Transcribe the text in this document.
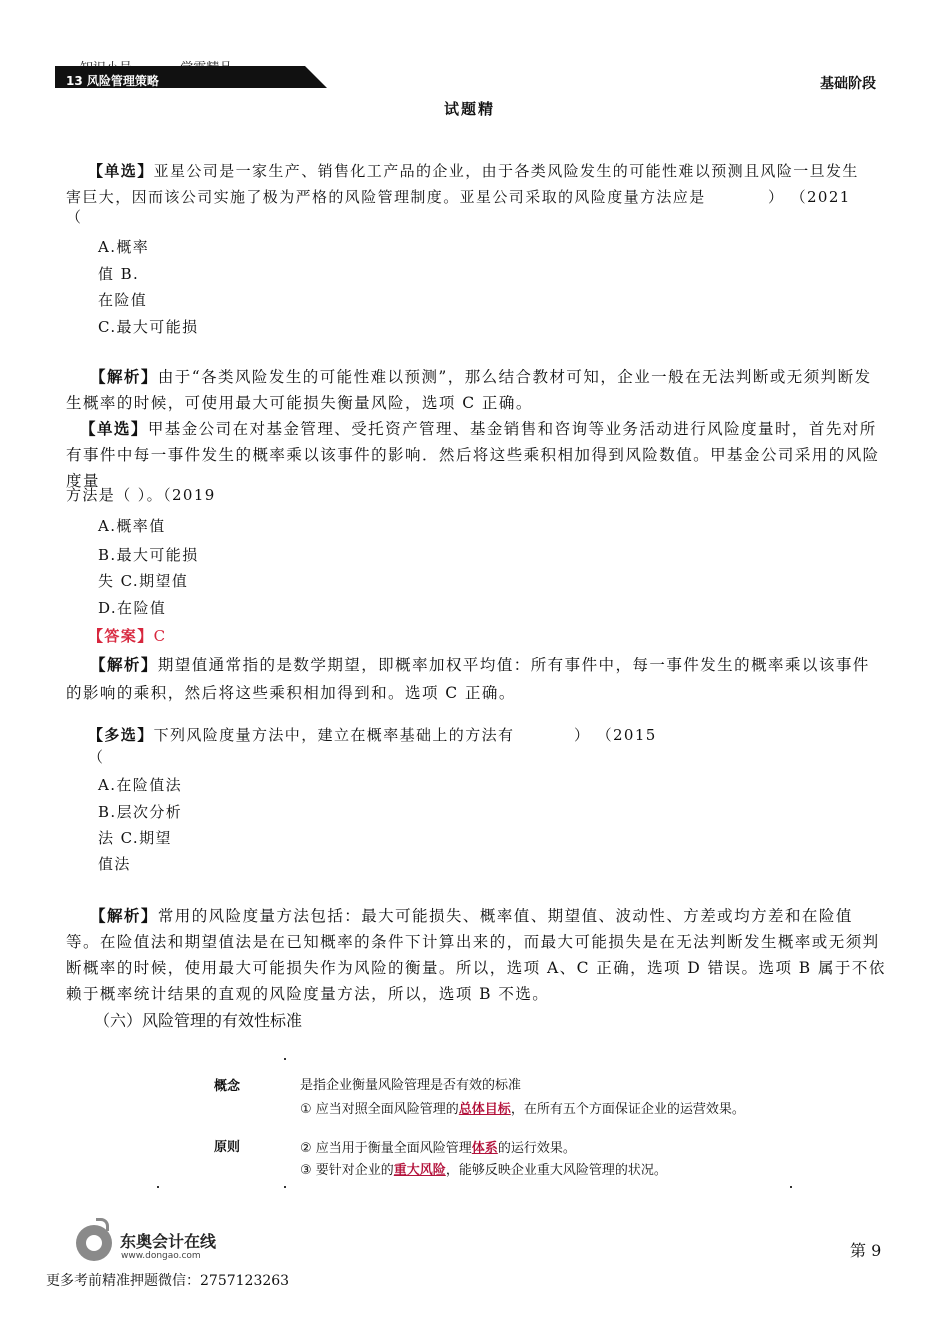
13 风险管理策略	基础阶段
试题精
【单选】亚星公司是一家生产、销售化工产品的企业，由于各类风险发生的可能性难以预测且风险一旦发生
害巨大，因而该公司实施了极为严格的风险管理制度。亚星公司采取的风险度量方法应是	） （2021
（
A.概率
值 B.
在险值
C.最大可能损
【解析】由于“各类风险发生的可能性难以预测”，那么结合教材可知，企业一般在无法判断或无须判断发生概率的时候，可使用最大可能损失衡量风险，选项 C 正确。
【单选】甲基金公司在对基金管理、受托资产管理、基金销售和咨询等业务活动进行风险度量时，首先对所有事件中每一事件发生的概率乘以该事件的影响．然后将这些乘积相加得到风险数值。甲基金公司采用的风险度量
方法是（ ）。（2019
A.概率值
B.最大可能损
失 C.期望值
D.在险值
【答案】C
【解析】期望值通常指的是数学期望，即概率加权平均值：所有事件中，每一事件发生的概率乘以该事件的影响的乘积，然后将这些乘积相加得到和。选项 C 正确。
【多选】下列风险度量方法中，建立在概率基础上的方法有	） （2015
（
A.在险值法
B.层次分析
法 C.期望
值法
【解析】常用的风险度量方法包括：最大可能损失、概率值、期望值、波动性、方差或均方差和在险值等。在险值法和期望值法是在已知概率的条件下计算出来的，而最大可能损失是在无法判断发生概率或无须判断概率的时候，使用最大可能损失作为风险的衡量。所以，选项 A、C 正确，选项 D 错误。选项 B 属于不依赖于概率统计结果的直观的风险度量方法，所以，选项 B 不选。
（六）风险管理的有效性标准
概念	是指企业衡量风险管理是否有效的标准
① 应当对照全面风险管理的总体目标，在所有五个方面保证企业的运营效果。
原则	② 应当用于衡量全面风险管理体系的运行效果。
③ 要针对企业的重大风险，能够反映企业重大风险管理的状况。
东奥会计在线
www.dongao.com	第 9
更多考前精准押题微信：2757123263
